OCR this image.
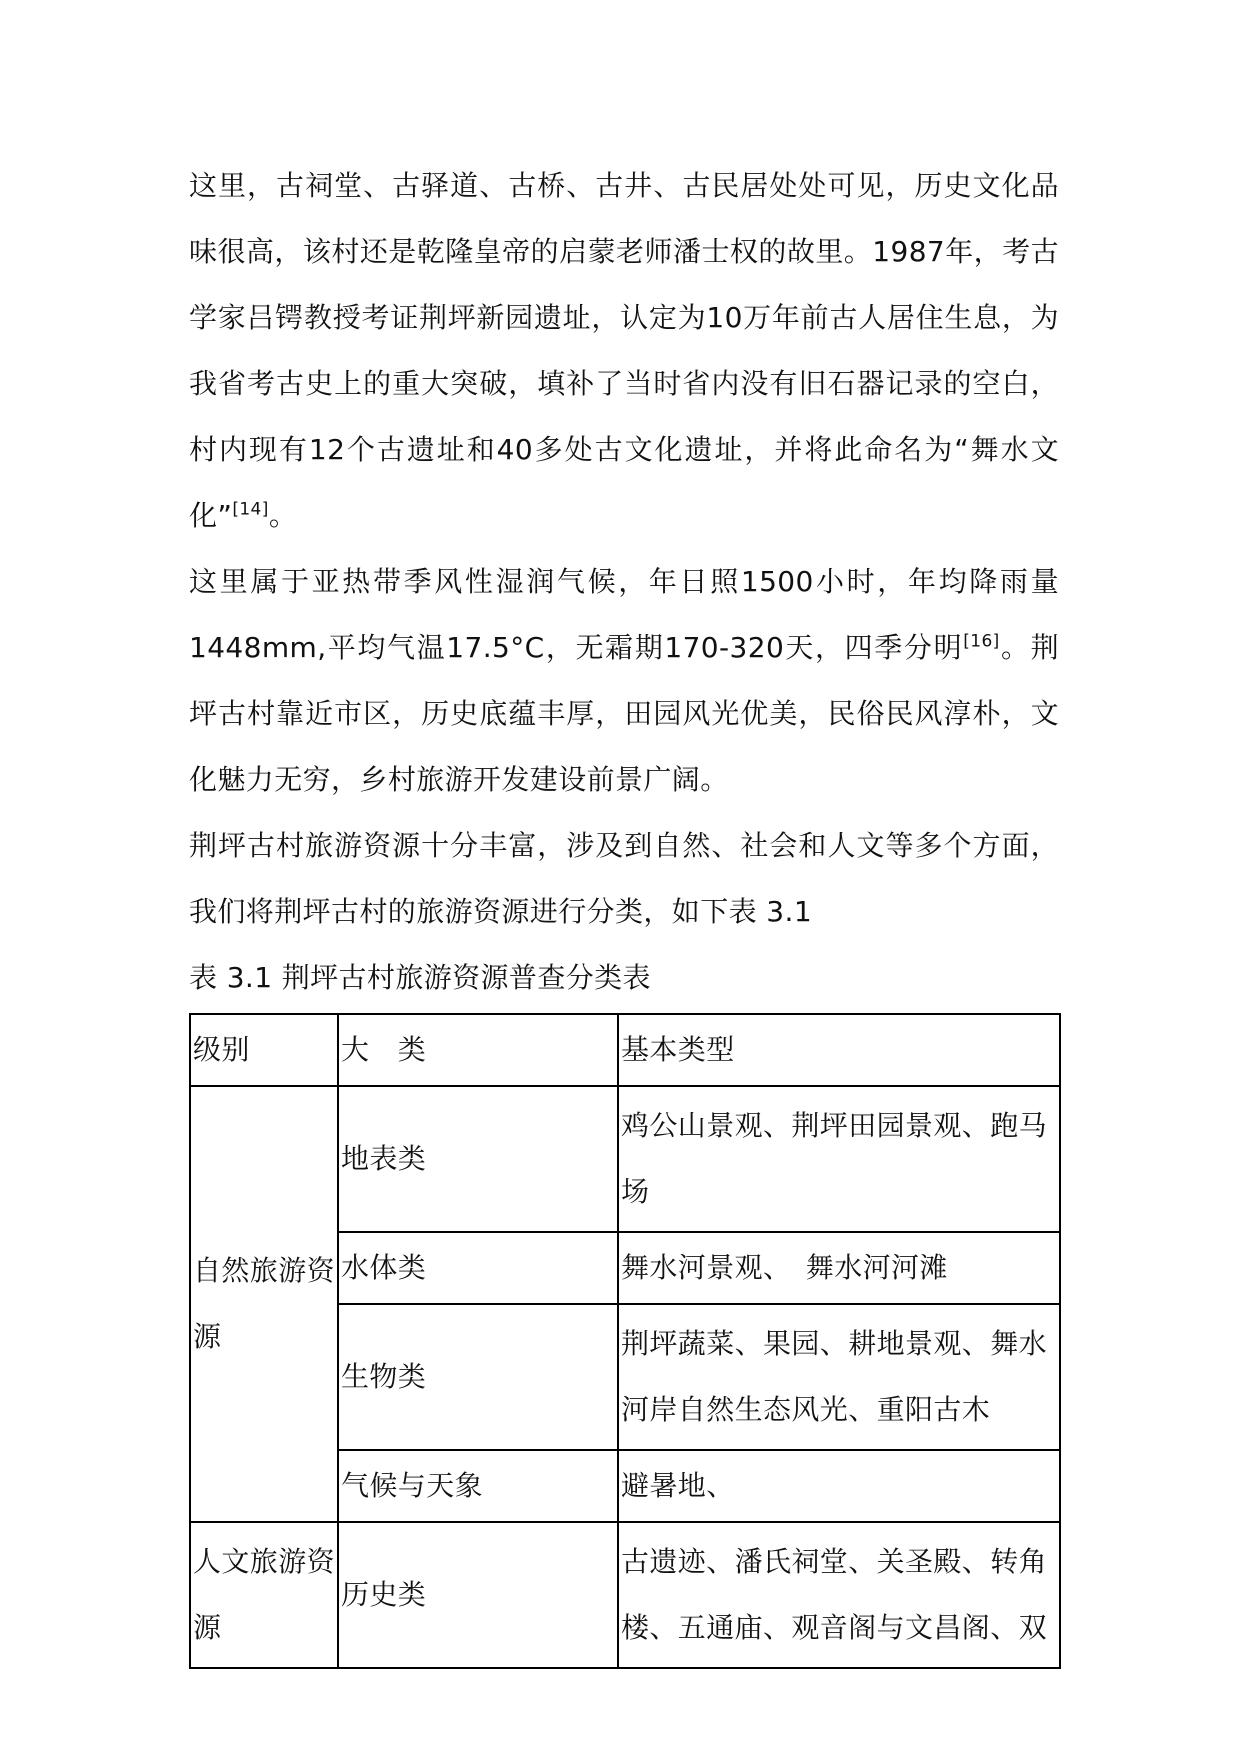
这里，古祠堂、古驿道、古桥、古井、古民居处处可见，历史文化品味很高，该村还是乾隆皇帝的启蒙老师潘士权的故里。1987年，考古学家吕锷教授考证荆坪新园遗址，认定为10万年前古人居住生息，为我省考古史上的重大突破，填补了当时省内没有旧石器记录的空白，村内现有12个古遗址和40多处古文化遗址，并将此命名为“舞水文化”[14]。

这里属于亚热带季风性湿润气候，年日照1500小时，年均降雨量1448mm,平均气温17.5°C，无霜期170-320天，四季分明[16]。荆坪古村靠近市区，历史底蕴丰厚，田园风光优美，民俗民风淳朴，文化魅力无穷，乡村旅游开发建设前景广阔。

荆坪古村旅游资源十分丰富，涉及到自然、社会和人文等多个方面，我们将荆坪古村的旅游资源进行分类，如下表 3.1

表 3.1 荆坪古村旅游资源普查分类表

级别	大　类	基本类型
自然旅游资源	地表类	鸡公山景观、荆坪田园景观、跑马场
	水体类	舞水河景观、　舞水河河滩
	生物类	荆坪蔬菜、果园、耕地景观、舞水河岸自然生态风光、重阳古木
	气候与天象	避暑地、
人文旅游资源	历史类	古遗迹、潘氏祠堂、关圣殿、转角楼、五通庙、观音阁与文昌阁、双
